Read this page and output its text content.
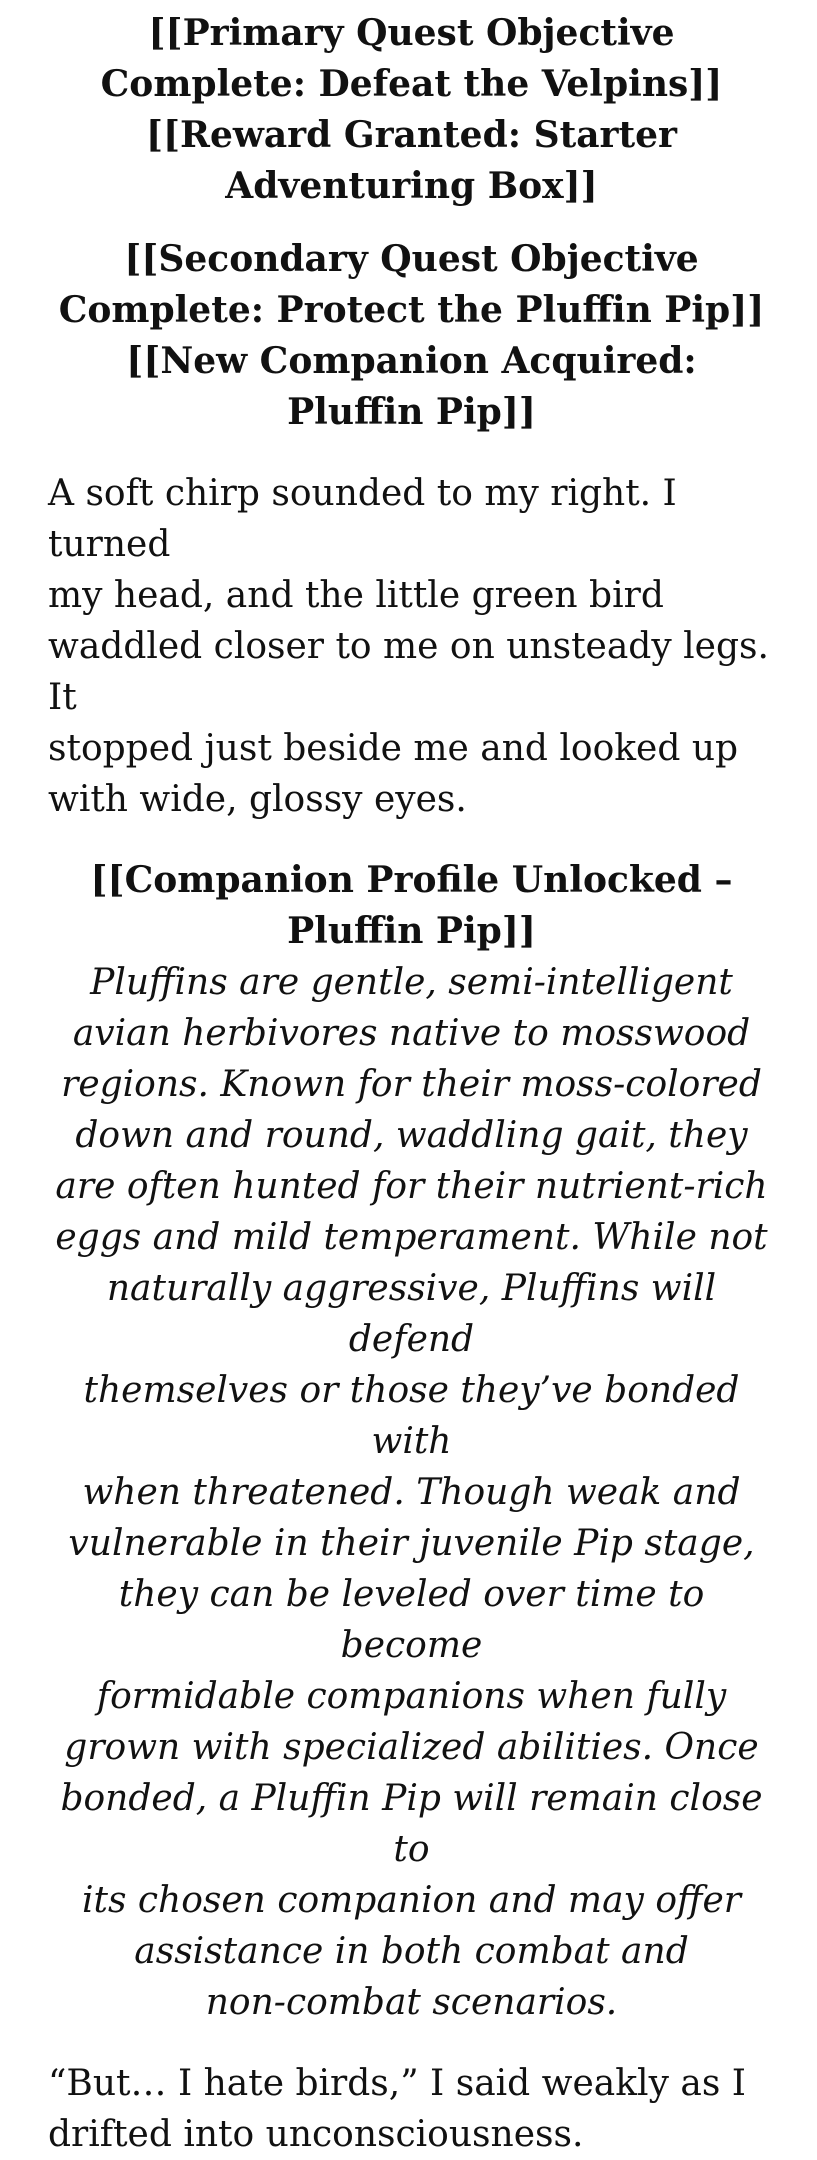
[[Primary Quest Objective
Complete: Defeat the Velpins]]
[[Reward Granted: Starter
Adventuring Box]]
[[Secondary Quest Objective
Complete: Protect the Pluffin Pip]]
[[New Companion Acquired:
Pluffin Pip]]

A soft chirp sounded to my right. I turned
my head, and the little green bird
waddled closer to me on unsteady legs. It
stopped just beside me and looked up
with wide, glossy eyes.

[[Companion Profile Unlocked –
Pluffin Pip]]
Pluffins are gentle, semi-intelligent
avian herbivores native to mosswood
regions. Known for their moss-colored
down and round, waddling gait, they
are often hunted for their nutrient-rich
eggs and mild temperament. While not
naturally aggressive, Pluffins will defend
themselves or those they’ve bonded with
when threatened. Though weak and
vulnerable in their juvenile Pip stage,
they can be leveled over time to become
formidable companions when fully
grown with specialized abilities. Once
bonded, a Pluffin Pip will remain close to
its chosen companion and may offer
assistance in both combat and
non-combat scenarios.

“But… I hate birds,” I said weakly as I
drifted into unconsciousness.
